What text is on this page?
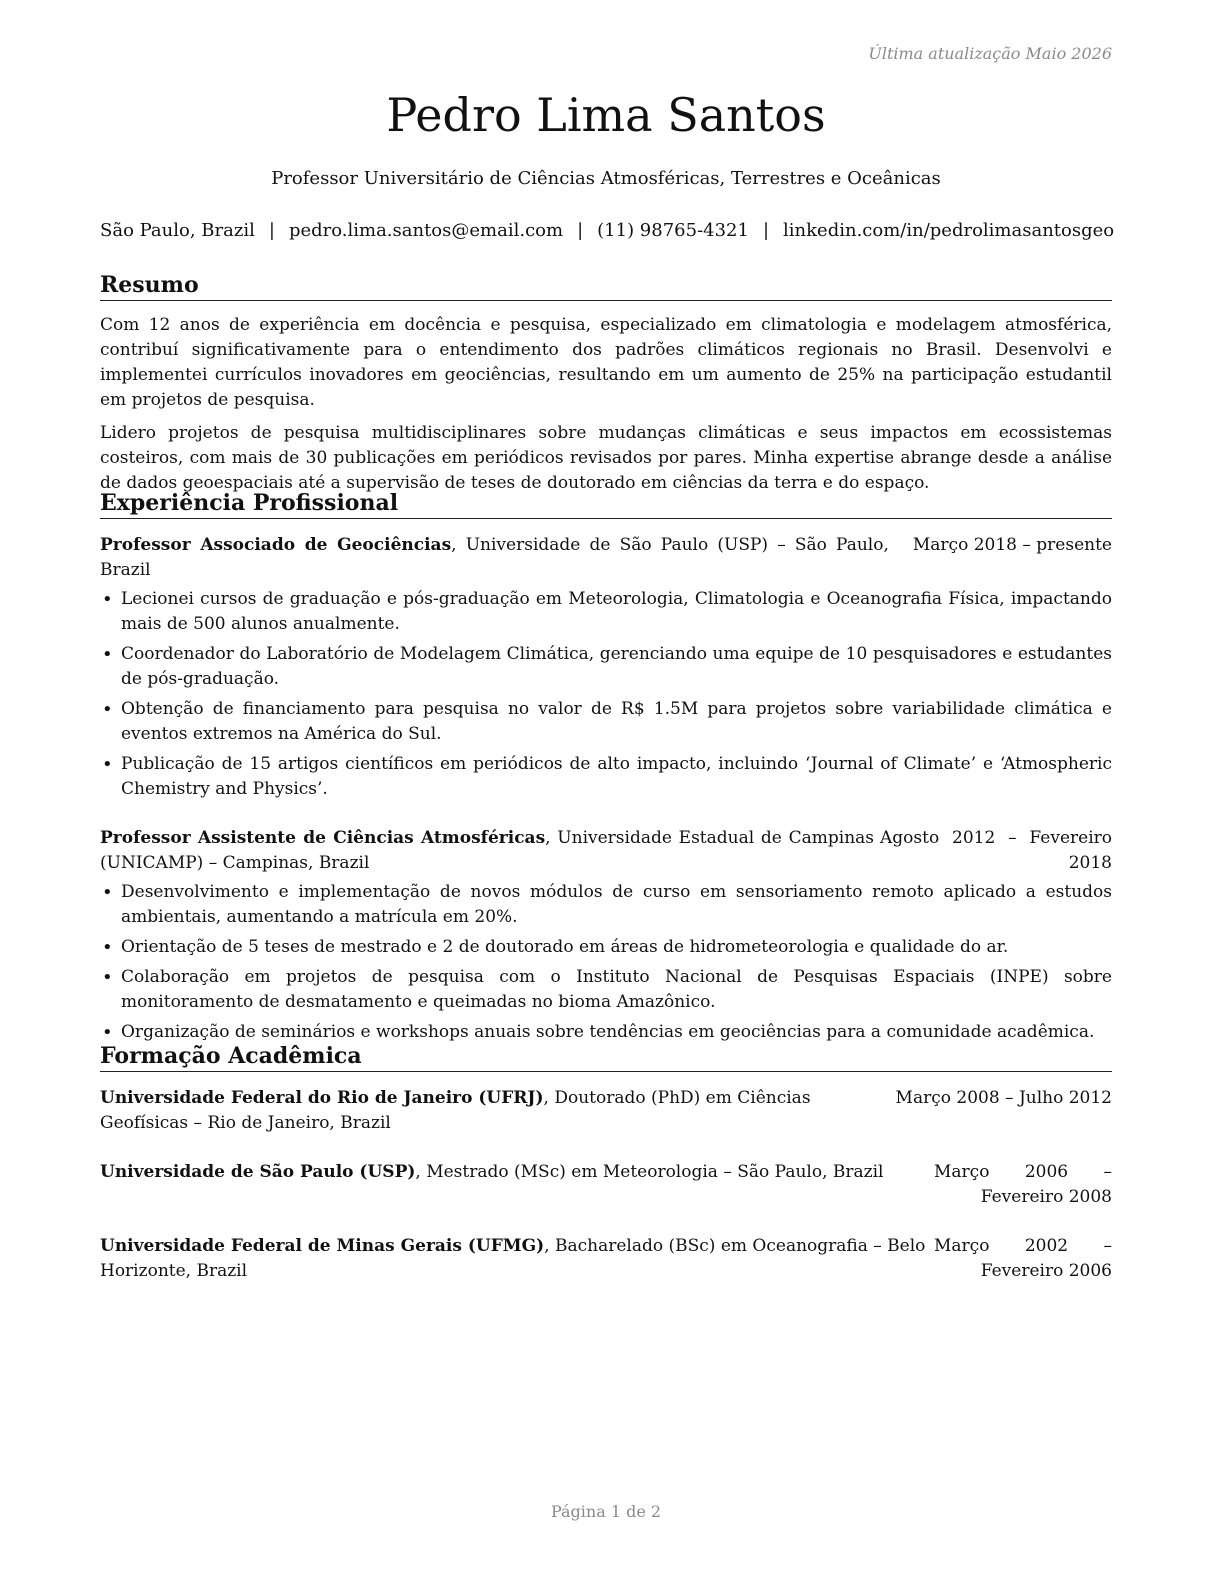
Última atualização Maio 2026
Pedro Lima Santos
Professor Universitário de Ciências Atmosféricas, Terrestres e Oceânicas
São Paulo, Brazil | pedro.lima.santos@email.com | (11) 98765-4321 | linkedin.com/in/pedrolimasantosgeo
Resumo

Com 12 anos de experiência em docência e pesquisa, especializado em climatologia e modelagem atmosférica, contribuí significativamente para o entendimento dos padrões climáticos regionais no Brasil. Desenvolvi e implementei currículos inovadores em geociências, resultando em um aumento de 25% na participação estudantil em projetos de pesquisa.

Lidero projetos de pesquisa multidisciplinares sobre mudanças climáticas e seus impactos em ecossistemas costeiros, com mais de 30 publicações em periódicos revisados por pares. Minha expertise abrange desde a análise de dados geoespaciais até a supervisão de teses de doutorado em ciências da terra e do espaço.

Experiência Profissional
Professor Associado de Geociências, Universidade de São Paulo (USP) – São Paulo, Brazil
Março 2018 – presente
• Lecionei cursos de graduação e pós-graduação em Meteorologia, Climatologia e Oceanografia Física, impactando mais de 500 alunos anualmente.
• Coordenador do Laboratório de Modelagem Climática, gerenciando uma equipe de 10 pesquisadores e estudantes de pós-graduação.
• Obtenção de financiamento para pesquisa no valor de R$ 1.5M para projetos sobre variabilidade climática e eventos extremos na América do Sul.
• Publicação de 15 artigos científicos em periódicos de alto impacto, incluindo ‘Journal of Climate’ e ‘Atmospheric Chemistry and Physics’.
Professor Assistente de Ciências Atmosféricas, Universidade Estadual de Campinas (UNICAMP) – Campinas, Brazil
Agosto 2012 – Fevereiro 2018
• Desenvolvimento e implementação de novos módulos de curso em sensoriamento remoto aplicado a estudos ambientais, aumentando a matrícula em 20%.
• Orientação de 5 teses de mestrado e 2 de doutorado em áreas de hidrometeorologia e qualidade do ar.
• Colaboração em projetos de pesquisa com o Instituto Nacional de Pesquisas Espaciais (INPE) sobre monitoramento de desmatamento e queimadas no bioma Amazônico.
• Organização de seminários e workshops anuais sobre tendências em geociências para a comunidade acadêmica.
Formação Acadêmica
Universidade Federal do Rio de Janeiro (UFRJ), Doutorado (PhD) em Ciências Geofísicas – Rio de Janeiro, Brazil
Março 2008 – Julho 2012
Universidade de São Paulo (USP), Mestrado (MSc) em Meteorologia – São Paulo, Brazil	Março 2006 – Fevereiro 2008
Universidade Federal de Minas Gerais (UFMG), Bacharelado (BSc) em Oceanografia – Belo Horizonte, Brazil
Março 2002 – Fevereiro 2006
Página 1 de 2
